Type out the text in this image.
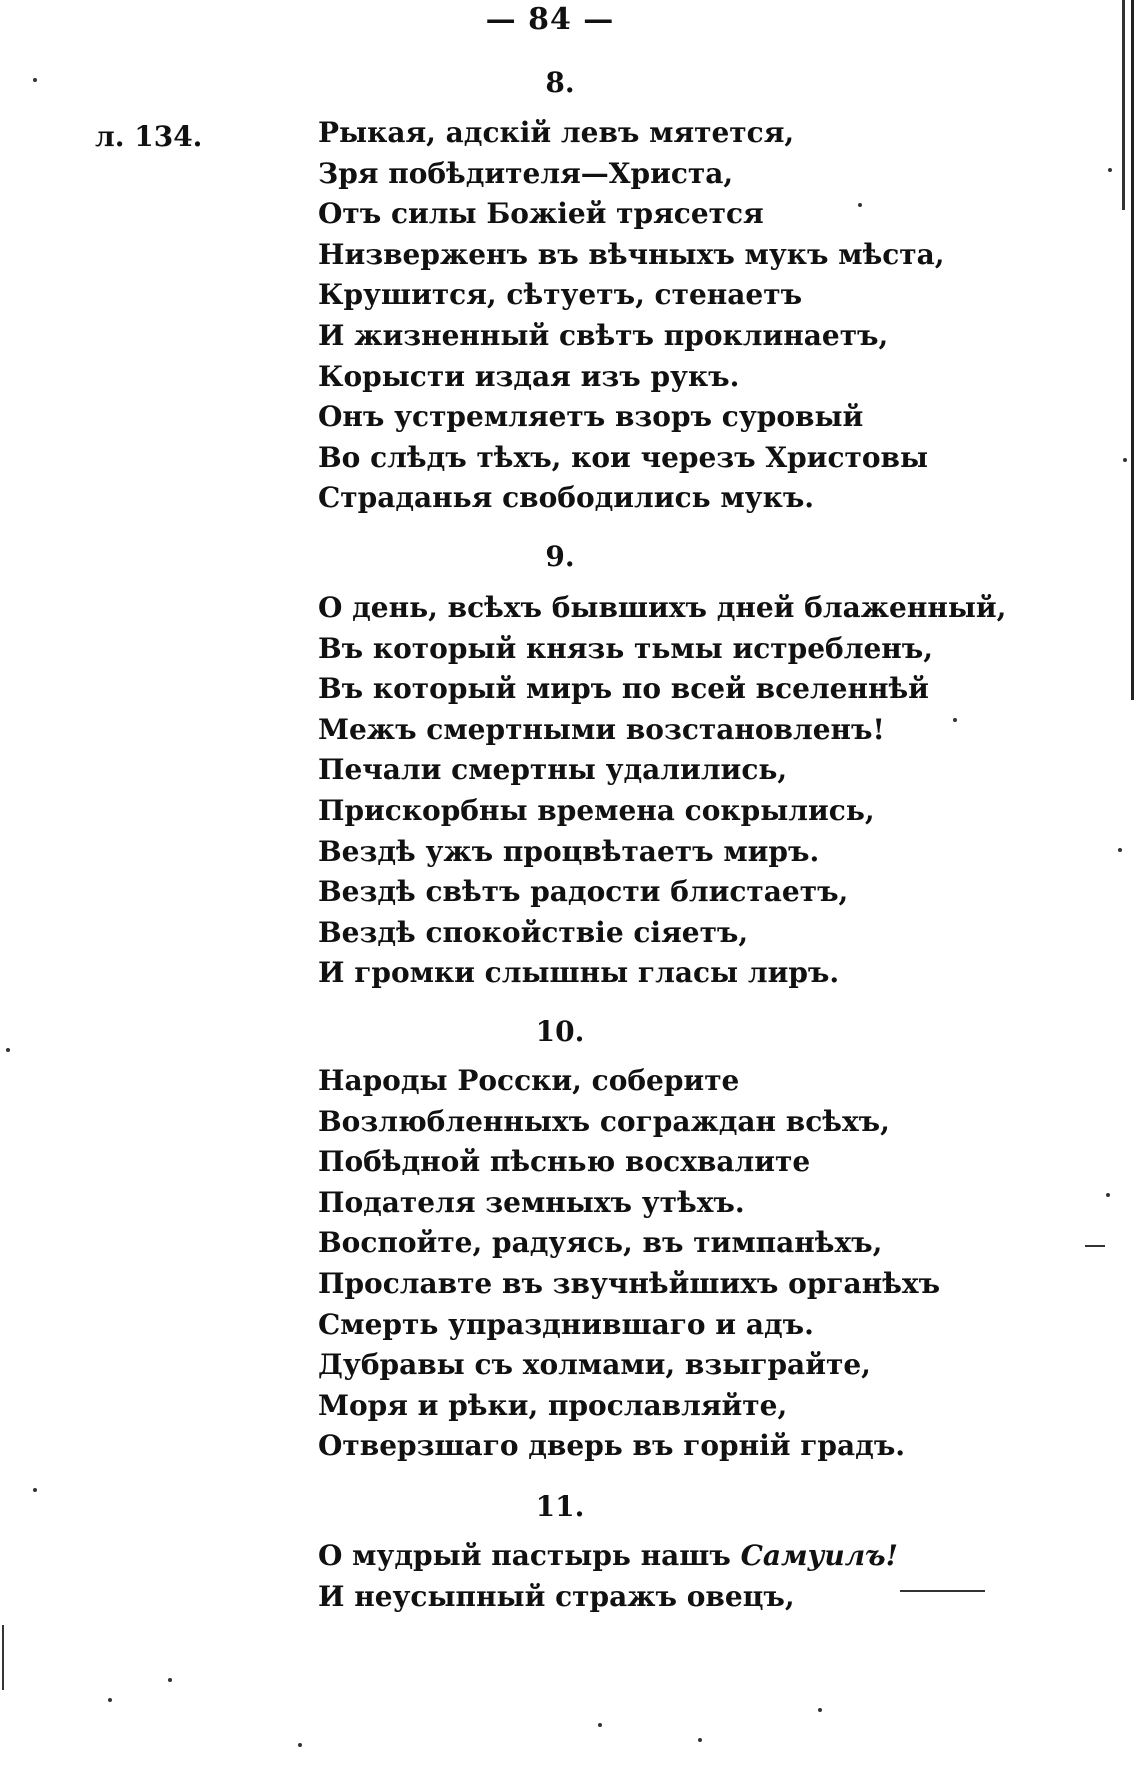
— 84 —
л. 134.
8.
Рыкая, адскій левъ мятется,
Зря побѣдителя—Христа,
Отъ силы Божіей трясется
Низверженъ въ вѣчныхъ мукъ мѣста,
Крушится, сѣтуетъ, стенаетъ
И жизненный свѣтъ проклинаетъ,
Корысти издая изъ рукъ.
Онъ устремляетъ взоръ суровый
Во слѣдъ тѣхъ, кои черезъ Христовы
Страданья свободились мукъ.
9.
О день, всѣхъ бывшихъ дней блаженный,
Въ который князь тьмы истребленъ,
Въ который миръ по всей вселеннѣй
Межъ смертными возстановленъ!
Печали смертны удалились,
Прискорбны времена сокрылись,
Вездѣ ужъ процвѣтаетъ миръ.
Вездѣ свѣтъ радости блистаетъ,
Вездѣ спокойствіе сіяетъ,
И громки слышны гласы лиръ.
10.
Народы Росски, соберите
Возлюбленныхъ сограждан всѣхъ,
Побѣдной пѣснью восхвалите
Подателя земныхъ утѣхъ.
Воспойте, радуясь, въ тимпанѣхъ,
Прославте въ звучнѣйшихъ органѣхъ
Смерть упразднившаго и адъ.
Дубравы съ холмами, взыграйте,
Моря и рѣки, прославляйте,
Отверзшаго дверь въ горній градъ.
11.
О мудрый пастырь нашъ Самуилъ!
И неусыпный стражъ овецъ,
